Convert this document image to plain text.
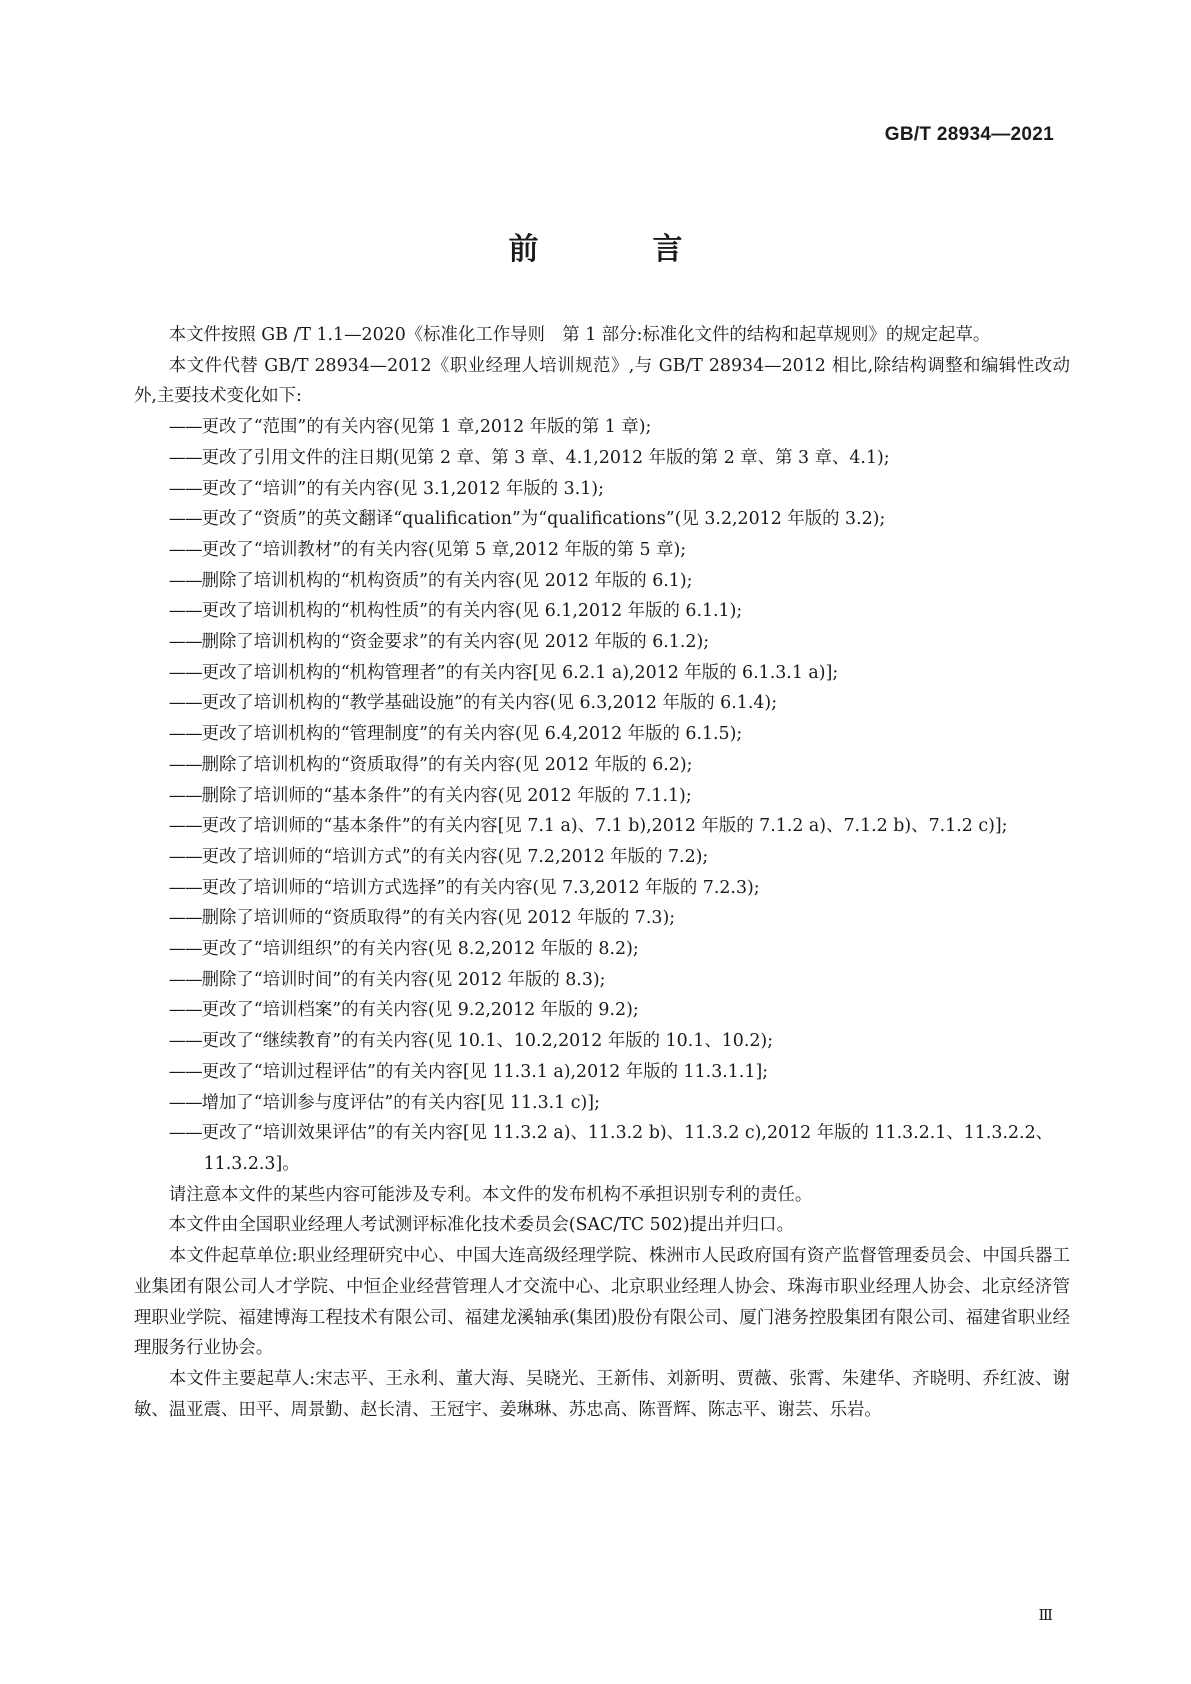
GB/T 28934—2021
前　言

本文件按照 GB /T 1.1—2020《标准化工作导则　第 1 部分:标准化文件的结构和起草规则》的规定起草。

本文件代替 GB/T 28934—2012《职业经理人培训规范》,与 GB/T 28934—2012 相比,除结构调整和编辑性改动外,主要技术变化如下:

——更改了“范围”的有关内容(见第 1 章,2012 年版的第 1 章);

——更改了引用文件的注日期(见第 2 章、第 3 章、4.1,2012 年版的第 2 章、第 3 章、4.1);

——更改了“培训”的有关内容(见 3.1,2012 年版的 3.1);

——更改了“资质”的英文翻译“qualification”为“qualifications”(见 3.2,2012 年版的 3.2);

——更改了“培训教材”的有关内容(见第 5 章,2012 年版的第 5 章);

——删除了培训机构的“机构资质”的有关内容(见 2012 年版的 6.1);

——更改了培训机构的“机构性质”的有关内容(见 6.1,2012 年版的 6.1.1);

——删除了培训机构的“资金要求”的有关内容(见 2012 年版的 6.1.2);

——更改了培训机构的“机构管理者”的有关内容[见 6.2.1 a),2012 年版的 6.1.3.1 a)];

——更改了培训机构的“教学基础设施”的有关内容(见 6.3,2012 年版的 6.1.4);

——更改了培训机构的“管理制度”的有关内容(见 6.4,2012 年版的 6.1.5);

——删除了培训机构的“资质取得”的有关内容(见 2012 年版的 6.2);

——删除了培训师的“基本条件”的有关内容(见 2012 年版的 7.1.1);

——更改了培训师的“基本条件”的有关内容[见 7.1 a)、7.1 b),2012 年版的 7.1.2 a)、7.1.2 b)、7.1.2 c)];

——更改了培训师的“培训方式”的有关内容(见 7.2,2012 年版的 7.2);

——更改了培训师的“培训方式选择”的有关内容(见 7.3,2012 年版的 7.2.3);

——删除了培训师的“资质取得”的有关内容(见 2012 年版的 7.3);

——更改了“培训组织”的有关内容(见 8.2,2012 年版的 8.2);

——删除了“培训时间”的有关内容(见 2012 年版的 8.3);

——更改了“培训档案”的有关内容(见 9.2,2012 年版的 9.2);

——更改了“继续教育”的有关内容(见 10.1、10.2,2012 年版的 10.1、10.2);

——更改了“培训过程评估”的有关内容[见 11.3.1 a),2012 年版的 11.3.1.1];

——增加了“培训参与度评估”的有关内容[见 11.3.1 c)];

——更改了“培训效果评估”的有关内容[见 11.3.2 a)、11.3.2 b)、11.3.2 c),2012 年版的 11.3.2.1、11.3.2.2、11.3.2.3]。

请注意本文件的某些内容可能涉及专利。本文件的发布机构不承担识别专利的责任。

本文件由全国职业经理人考试测评标准化技术委员会(SAC/TC 502)提出并归口。

本文件起草单位:职业经理研究中心、中国大连高级经理学院、株洲市人民政府国有资产监督管理委员会、中国兵器工业集团有限公司人才学院、中恒企业经营管理人才交流中心、北京职业经理人协会、珠海市职业经理人协会、北京经济管理职业学院、福建博海工程技术有限公司、福建龙溪轴承(集团)股份有限公司、厦门港务控股集团有限公司、福建省职业经理服务行业协会。

本文件主要起草人:宋志平、王永利、董大海、吴晓光、王新伟、刘新明、贾薇、张霄、朱建华、齐晓明、乔红波、谢敏、温亚震、田平、周景勤、赵长清、王冠宇、姜琳琳、苏忠高、陈晋辉、陈志平、谢芸、乐岩。

Ⅲ
